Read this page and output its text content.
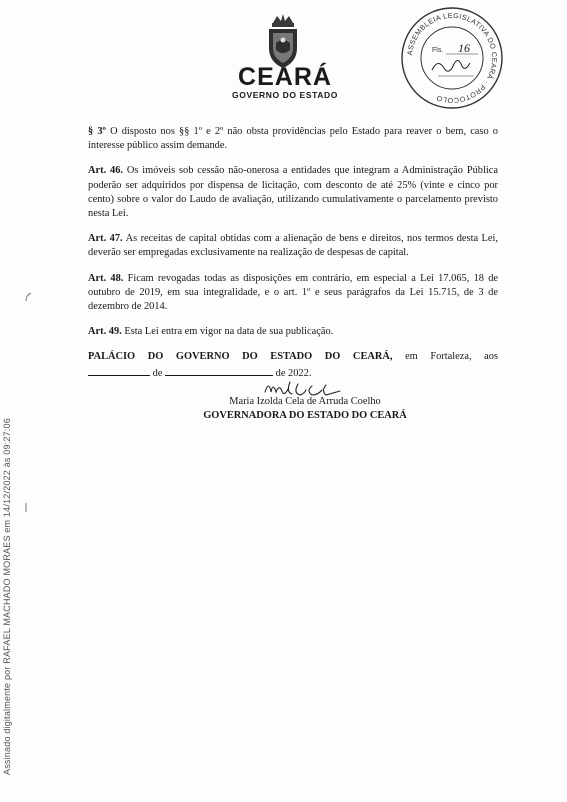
CEARÁ
GOVERNO DO ESTADO
ASSEMBLEIA LEGISLATIVA DO CEARÁ · PROTOCOLO
Fls. 16
Assinado digitalmente por RAFAEL MACHADO MORAES em 14/12/2022 às 09:27:06

§ 3º O disposto nos §§ 1º e 2º não obsta providências pelo Estado para reaver o bem, caso o interesse público assim demande.

Art. 46. Os imóveis sob cessão não-onerosa a entidades que integram a Administração Pública poderão ser adquiridos por dispensa de licitação, com desconto de até 25% (vinte e cinco por cento) sobre o valor do Laudo de avaliação, utilizando cumulativamente o parcelamento previsto nesta Lei.

Art. 47. As receitas de capital obtidas com a alienação de bens e direitos, nos termos desta Lei, deverão ser empregadas exclusivamente na realização de despesas de capital.

Art. 48. Ficam revogadas todas as disposições em contrário, em especial a Lei 17.065, 18 de outubro de 2019, em sua integralidade, e o art. 1º e seus parágrafos da Lei 15.715, de 3 de dezembro de 2014.

Art. 49. Esta Lei entra em vigor na data de sua publicação.

PALÁCIO DO GOVERNO DO ESTADO DO CEARÁ, em Fortaleza, aos

de	de 2022.

Maria Izolda Cela de Arruda Coelho
GOVERNADORA DO ESTADO DO CEARÁ
